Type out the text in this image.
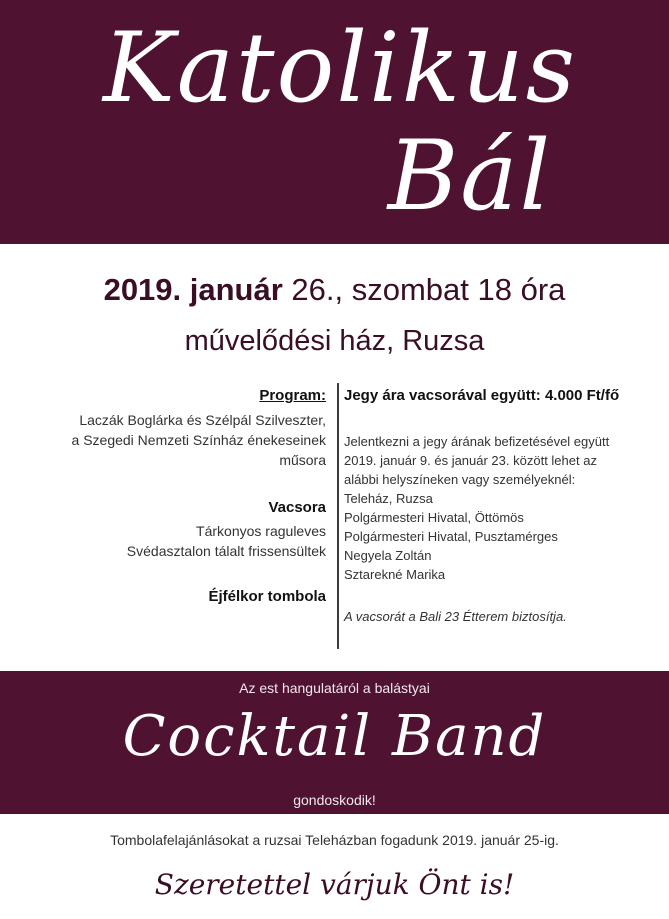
Katolikus
Bál
2019. január 26., szombat 18 óra
művelődési ház, Ruzsa
Program:
Laczák Boglárka és Szélpál Szilveszter,
a Szegedi Nemzeti Színház énekeseinek
műsora
Vacsora
Tárkonyos raguleves
Svédasztalon tálalt frissensültek
Éjfélkor tombola
Jegy ára vacsorával együtt: 4.000 Ft/fő
Jelentkezni a jegy árának befizetésével együtt
2019. január 9. és január 23. között lehet az
alábbi helyszíneken vagy személyeknél:
Teleház, Ruzsa
Polgármesteri Hivatal, Öttömös
Polgármesteri Hivatal, Pusztamérges
Negyela Zoltán
Sztarekné Marika
A vacsorát a Bali 23 Étterem biztosítja.
Az est hangulatáról a balástyai
Cocktail Band
gondoskodik!
Tombolafelajánlásokat a ruzsai Teleházban fogadunk 2019. január 25-ig.
Szeretettel várjuk Önt is!
